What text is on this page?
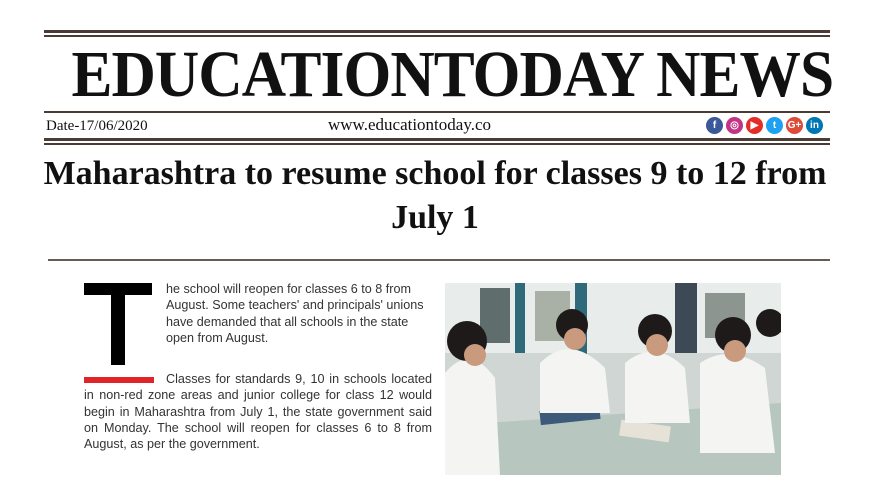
EDUCATIONTODAY NEWS
Date-17/06/2020	www.educationtoday.co	f	◎	▶	t	G+ in
Maharashtra to resume school for classes 9 to 12 from July 1

he school will reopen for classes 6 to 8 from August. Some teachers' and principals' unions have demanded that all schools in the state open from August.

Classes for standards 9, 10 in schools located in non-red zone areas and junior college for class 12 would begin in Maharashtra from July 1, the state government said on Monday. The school will reopen for classes 6 to 8 from August, as per the government.
